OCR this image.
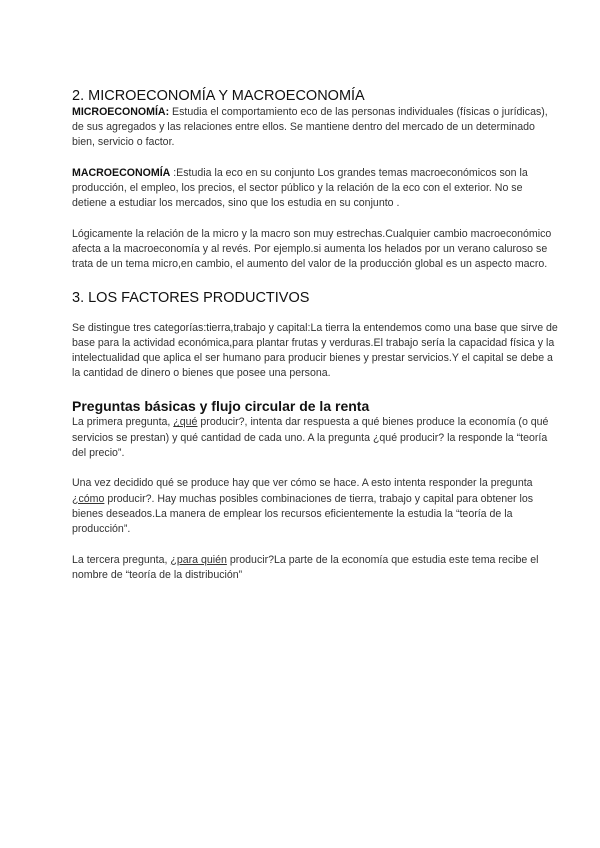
2. MICROECONOMÍA Y MACROECONOMÍA

MICROECONOMÍA: Estudia el comportamiento eco de las personas individuales (físicas o jurídicas), de sus agregados y las relaciones entre ellos. Se mantiene dentro del mercado de un determinado bien, servicio o factor.

MACROECONOMÍA :Estudia la eco en su conjunto Los grandes temas macroeconómicos son la producción, el empleo, los precios, el sector público y la relación de la eco con el exterior. No se detiene a estudiar los mercados, sino que los estudia en su conjunto .

Lógicamente la relación de la micro y la macro son muy estrechas.Cualquier cambio macroeconómico afecta a la macroeconomía y al revés. Por ejemplo.si aumenta los helados por un verano caluroso se trata de un tema micro,en cambio, el aumento del valor de la producción global es un aspecto macro.

3. LOS FACTORES PRODUCTIVOS

Se distingue tres categorías:tierra,trabajo y capital:La tierra la entendemos como una base que sirve de base para la actividad económica,para plantar frutas y verduras.El trabajo sería la capacidad física y la intelectualidad que aplica el ser humano para producir bienes y prestar servicios.Y el capital se debe a la cantidad de dinero o bienes que posee una persona.

Preguntas básicas y flujo circular de la renta

La primera pregunta, ¿qué producir?, intenta dar respuesta a qué bienes produce la economía (o qué servicios se prestan) y qué cantidad de cada uno. A la pregunta ¿qué producir? la responde la “teoría del precio”.

Una vez decidido qué se produce hay que ver cómo se hace. A esto intenta responder la pregunta ¿cómo producir?. Hay muchas posibles combinaciones de tierra, trabajo y capital para obtener los bienes deseados.La manera de emplear los recursos eficientemente la estudia la “teoría de la producción”.

La tercera pregunta, ¿para quién producir?La parte de la economía que estudia este tema recibe el nombre de “teoría de la distribución”
